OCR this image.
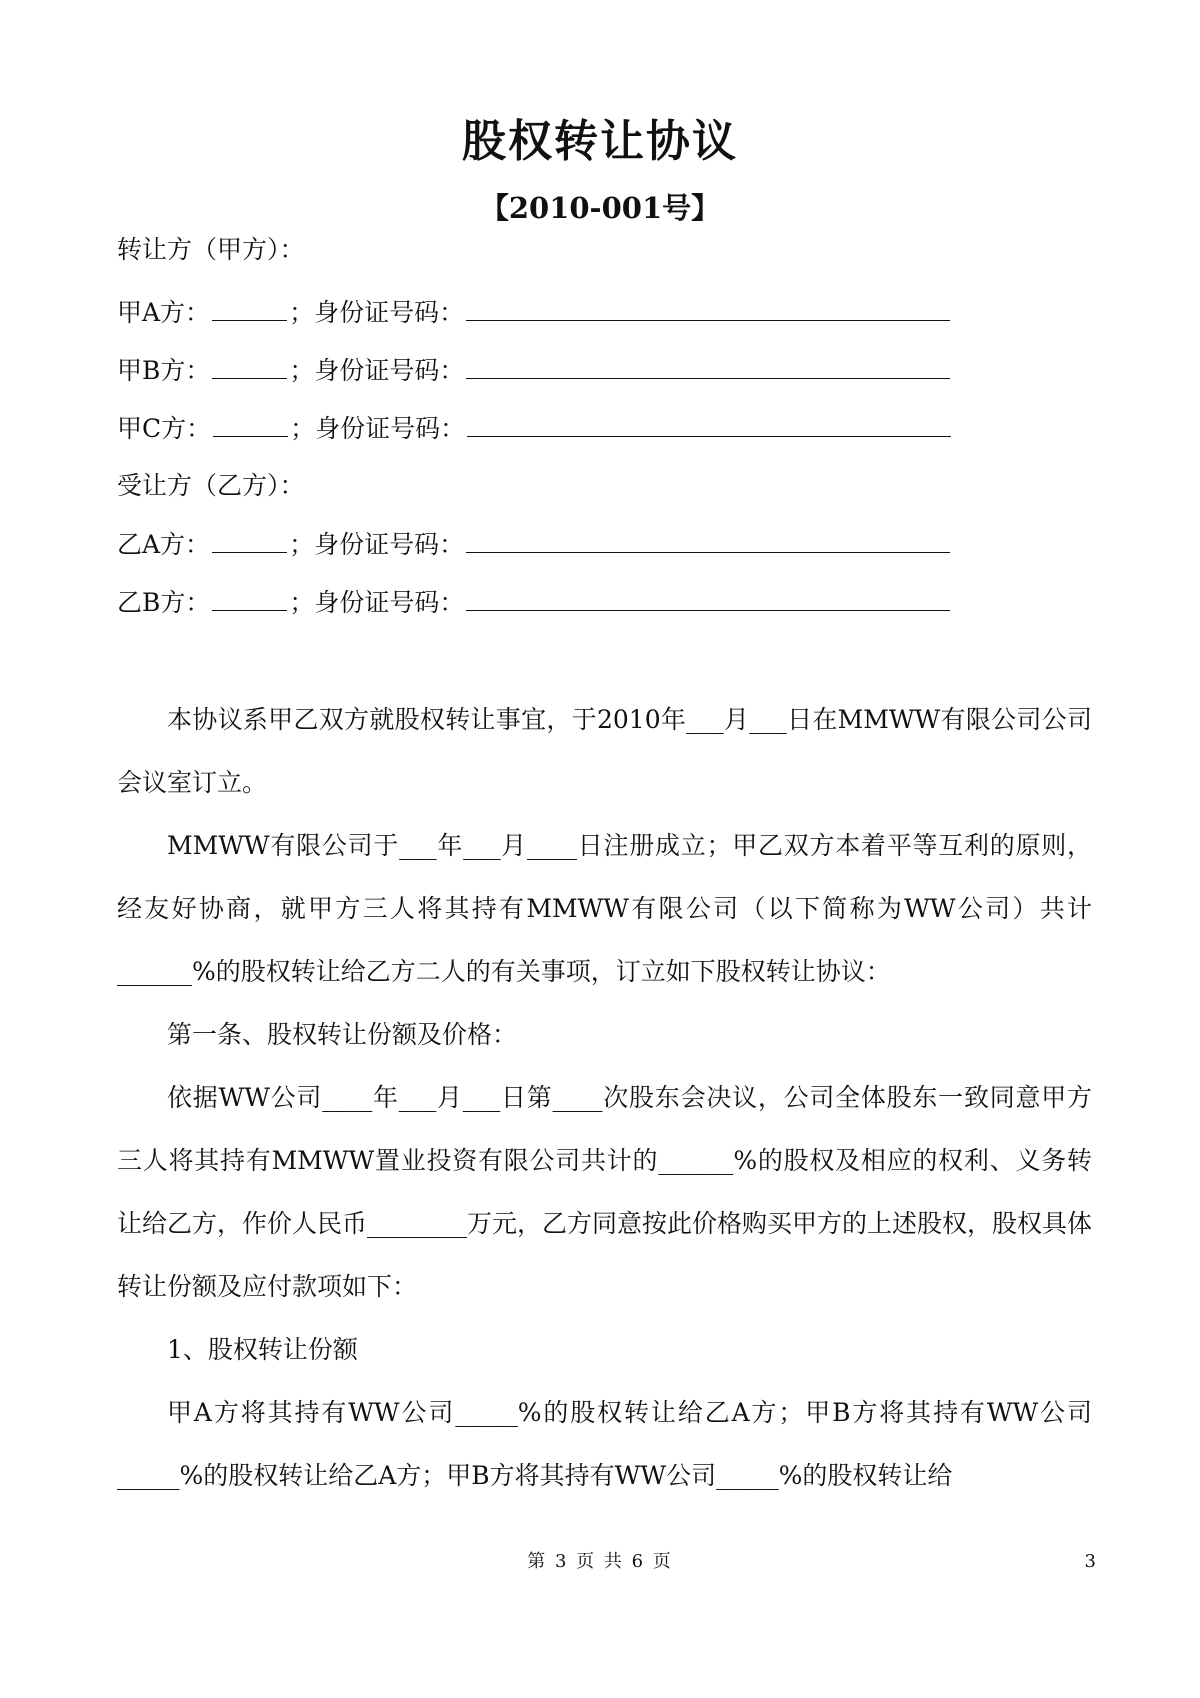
股权转让协议
【2010-001号】
转让方（甲方）：
甲A方：	；身份证号码：
甲B方：	；身份证号码：
甲C方：	；身份证号码：
受让方（乙方）：
乙A方：	；身份证号码：
乙B方：	；身份证号码：
本协议系甲乙双方就股权转让事宜，于2010年___月___日在MMWW有限公司公司会议室订立。
MMWW有限公司于___年___月____日注册成立；甲乙双方本着平等互利的原则，经友好协商，就甲方三人将其持有MMWW有限公司（以下简称为WW公司）共计______%的股权转让给乙方二人的有关事项，订立如下股权转让协议：
第一条、股权转让份额及价格：
依据WW公司____年___月___日第____次股东会决议，公司全体股东一致同意甲方三人将其持有MMWW置业投资有限公司共计的______%的股权及相应的权利、义务转让给乙方，作价人民币________万元，乙方同意按此价格购买甲方的上述股权，股权具体转让份额及应付款项如下：
1、股权转让份额
甲A方将其持有WW公司_____%的股权转让给乙A方；甲B方将其持有WW公司_____%的股权转让给乙A方；甲B方将其持有WW公司_____%的股权转让给
第 3 页 共 6 页	3
